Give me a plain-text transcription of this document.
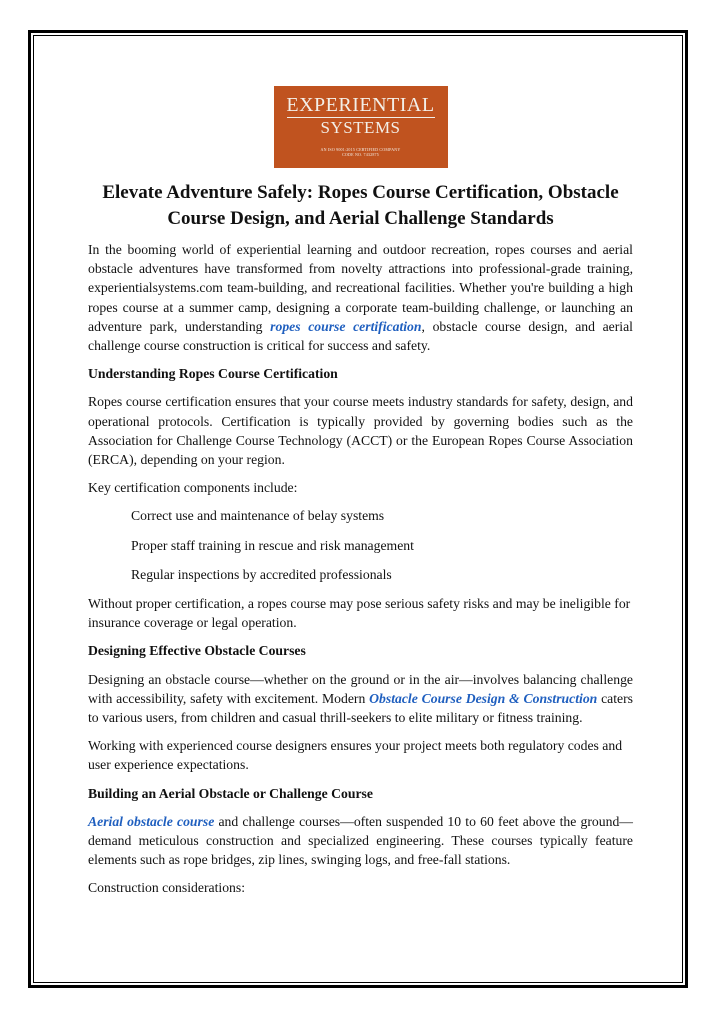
EXPERIENTIAL
SYSTEMS
AN ISO 9001:2015 CERTIFIED COMPANY
CODE NO. 7432875
Elevate Adventure Safely: Ropes Course Certification, Obstacle Course Design, and Aerial Challenge Standards

In the booming world of experiential learning and outdoor recreation, ropes courses and aerial obstacle adventures have transformed from novelty attractions into professional-grade training, experientialsystems.com team-building, and recreational facilities. Whether you're building a high ropes course at a summer camp, designing a corporate team-building challenge, or launching an adventure park, understanding ropes course certification, obstacle course design, and aerial challenge course construction is critical for success and safety.

Understanding Ropes Course Certification

Ropes course certification ensures that your course meets industry standards for safety, design, and operational protocols. Certification is typically provided by governing bodies such as the Association for Challenge Course Technology (ACCT) or the European Ropes Course Association (ERCA), depending on your region.

Key certification components include:

Correct use and maintenance of belay systems
Proper staff training in rescue and risk management
Regular inspections by accredited professionals

Without proper certification, a ropes course may pose serious safety risks and may be ineligible for insurance coverage or legal operation.

Designing Effective Obstacle Courses

Designing an obstacle course—whether on the ground or in the air—involves balancing challenge with accessibility, safety with excitement. Modern Obstacle Course Design & Construction caters to various users, from children and casual thrill-seekers to elite military or fitness training.

Working with experienced course designers ensures your project meets both regulatory codes and user experience expectations.

Building an Aerial Obstacle or Challenge Course

Aerial obstacle course and challenge courses—often suspended 10 to 60 feet above the ground—demand meticulous construction and specialized engineering. These courses typically feature elements such as rope bridges, zip lines, swinging logs, and free-fall stations.

Construction considerations:
